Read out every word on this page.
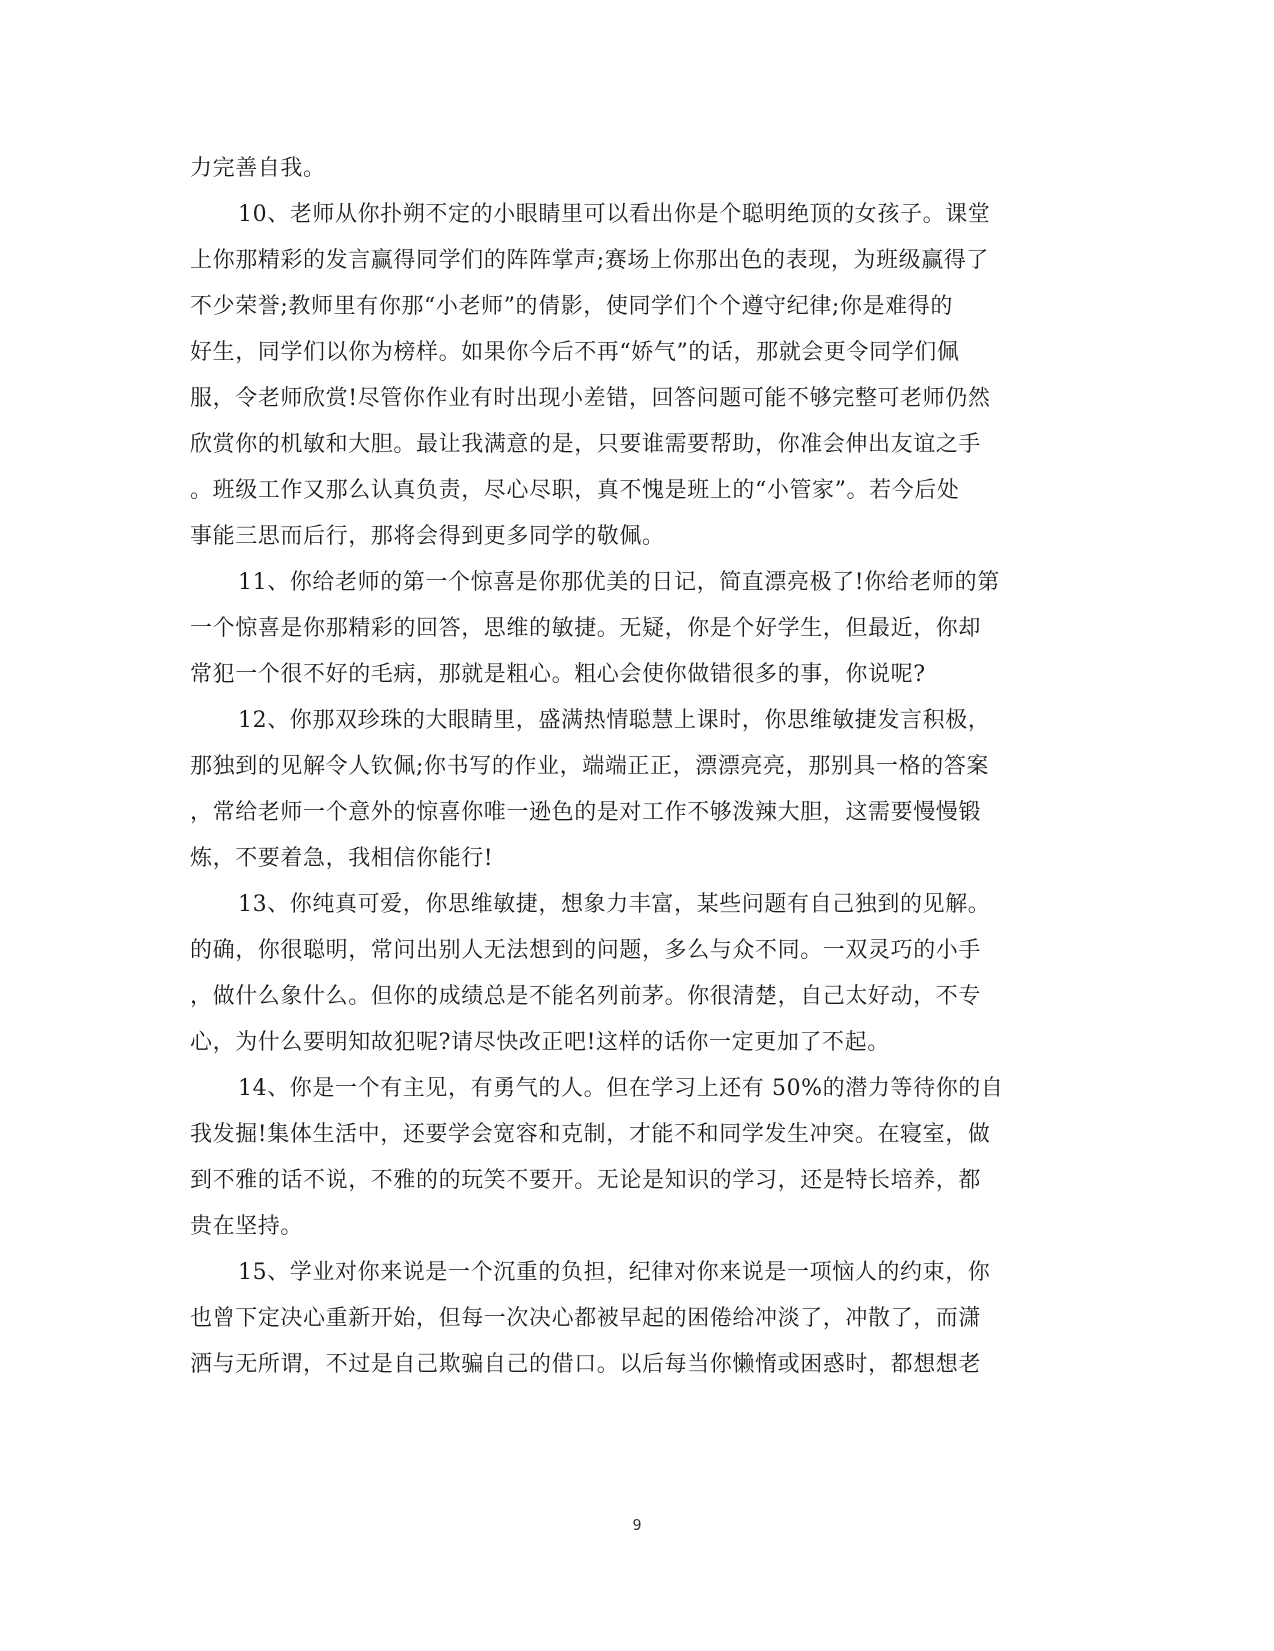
力完善自我。
10、老师从你扑朔不定的小眼睛里可以看出你是个聪明绝顶的女孩子。课堂
上你那精彩的发言赢得同学们的阵阵掌声;赛场上你那出色的表现，为班级赢得了
不少荣誉;教师里有你那“小老师”的倩影，使同学们个个遵守纪律;你是难得的
好生，同学们以你为榜样。如果你今后不再“娇气”的话，那就会更令同学们佩
服，令老师欣赏!尽管你作业有时出现小差错，回答问题可能不够完整可老师仍然
欣赏你的机敏和大胆。最让我满意的是，只要谁需要帮助，你准会伸出友谊之手
。班级工作又那么认真负责，尽心尽职，真不愧是班上的“小管家”。若今后处
事能三思而后行，那将会得到更多同学的敬佩。
11、你给老师的第一个惊喜是你那优美的日记，简直漂亮极了!你给老师的第
一个惊喜是你那精彩的回答，思维的敏捷。无疑，你是个好学生，但最近，你却
常犯一个很不好的毛病，那就是粗心。粗心会使你做错很多的事，你说呢?
12、你那双珍珠的大眼睛里，盛满热情聪慧上课时，你思维敏捷发言积极，
那独到的见解令人钦佩;你书写的作业，端端正正，漂漂亮亮，那别具一格的答案
，常给老师一个意外的惊喜你唯一逊色的是对工作不够泼辣大胆，这需要慢慢锻
炼，不要着急，我相信你能行!
13、你纯真可爱，你思维敏捷，想象力丰富，某些问题有自己独到的见解。
的确，你很聪明，常问出别人无法想到的问题，多么与众不同。一双灵巧的小手
，做什么象什么。但你的成绩总是不能名列前茅。你很清楚，自己太好动，不专
心，为什么要明知故犯呢?请尽快改正吧!这样的话你一定更加了不起。
14、你是一个有主见，有勇气的人。但在学习上还有 50%的潜力等待你的自
我发掘!集体生活中，还要学会宽容和克制，才能不和同学发生冲突。在寝室，做
到不雅的话不说，不雅的的玩笑不要开。无论是知识的学习，还是特长培养，都
贵在坚持。
15、学业对你来说是一个沉重的负担，纪律对你来说是一项恼人的约束，你
也曾下定决心重新开始，但每一次决心都被早起的困倦给冲淡了，冲散了，而潇
洒与无所谓，不过是自己欺骗自己的借口。以后每当你懒惰或困惑时，都想想老
9
